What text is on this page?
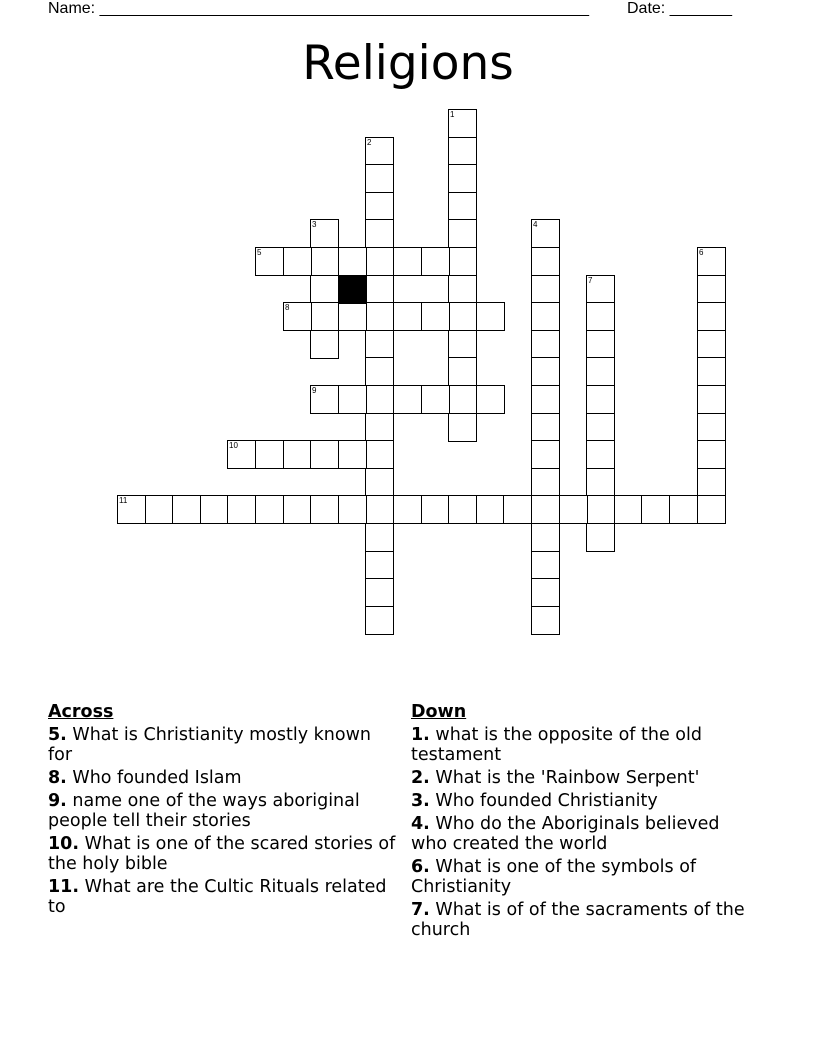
Name: _______________________________________________________ Date: _______
Religions
1
2
3	4
5	6
7
8
9
10
11
Across
5. What is Christianity mostly known for
8. Who founded Islam
9. name one of the ways aboriginal people tell their stories
10. What is one of the scared stories of the holy bible
11. What are the Cultic Rituals related to
Down
1. what is the opposite of the old testament
2. What is the 'Rainbow Serpent'
3. Who founded Christianity
4. Who do the Aboriginals believed who created the world
6. What is one of the symbols of Christianity
7. What is of of the sacraments of the church
